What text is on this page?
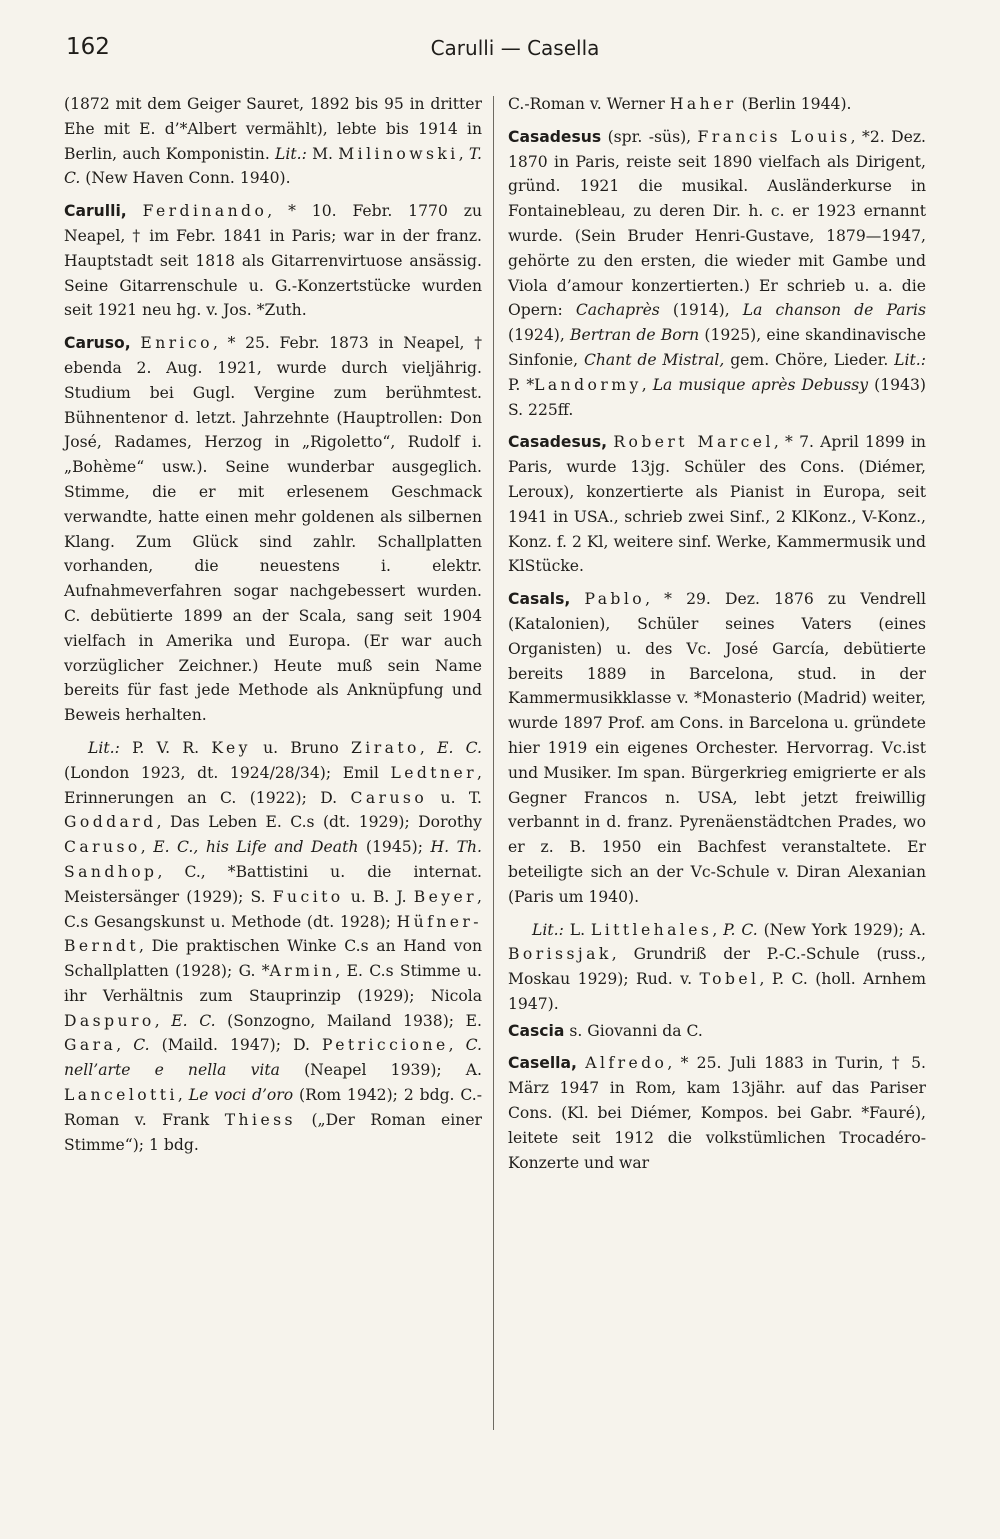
162	Carulli — Casella

(1872 mit dem Geiger Sauret, 1892 bis 95 in dritter Ehe mit E. d’*Albert vermählt), lebte bis 1914 in Berlin, auch Komponistin. Lit.: M. Milinowski, T. C. (New Haven Conn. 1940).

Carulli, Ferdinando, * 10. Febr. 1770 zu Neapel, † im Febr. 1841 in Paris; war in der franz. Hauptstadt seit 1818 als Gitarrenvirtuose ansässig. Seine Gitarrenschule u. G.-Konzertstücke wurden seit 1921 neu hg. v. Jos. *Zuth.

Caruso, Enrico, * 25. Febr. 1873 in Neapel, † ebenda 2. Aug. 1921, wurde durch vieljährig. Studium bei Gugl. Vergine zum berühmtest. Bühnentenor d. letzt. Jahrzehnte (Hauptrollen: Don José, Radames, Herzog in „Rigoletto“, Rudolf i. „Bohème“ usw.). Seine wunderbar ausgeglich. Stimme, die er mit erlesenem Geschmack verwandte, hatte einen mehr goldenen als silbernen Klang. Zum Glück sind zahlr. Schallplatten vorhanden, die neuestens i. elektr. Aufnahmeverfahren sogar nachgebessert wurden. C. debütierte 1899 an der Scala, sang seit 1904 vielfach in Amerika und Europa. (Er war auch vorzüglicher Zeichner.) Heute muß sein Name bereits für fast jede Methode als Anknüpfung und Beweis herhalten.

Lit.: P. V. R. Key u. Bruno Zirato, E. C. (London 1923, dt. 1924/28/34); Emil Ledtner, Erinnerungen an C. (1922); D. Caruso u. T. Goddard, Das Leben E. C.s (dt. 1929); Dorothy Caruso, E. C., his Life and Death (1945); H. Th. Sandhop, C., *Battistini u. die internat. Meistersänger (1929); S. Fucito u. B. J. Beyer, C.s Gesangskunst u. Methode (dt. 1928); Hüfner-Berndt, Die praktischen Winke C.s an Hand von Schallplatten (1928); G. *Armin, E. C.s Stimme u. ihr Verhältnis zum Stauprinzip (1929); Nicola Daspuro, E. C. (Sonzogno, Mailand 1938); E. Gara, C. (Maild. 1947); D. Petriccione, C. nell’arte e nella vita (Neapel 1939); A. Lancelotti, Le voci d’oro (Rom 1942); 2 bdg. C.-Roman v. Frank Thiess („Der Roman einer Stimme“); 1 bdg.

C.-Roman v. Werner Haher (Berlin 1944).

Casadesus (spr. -süs), Francis Louis, *2. Dez. 1870 in Paris, reiste seit 1890 vielfach als Dirigent, gründ. 1921 die musikal. Ausländerkurse in Fontainebleau, zu deren Dir. h. c. er 1923 ernannt wurde. (Sein Bruder Henri-Gustave, 1879—1947, gehörte zu den ersten, die wieder mit Gambe und Viola d’amour konzertierten.) Er schrieb u. a. die Opern: Cachaprès (1914), La chanson de Paris (1924), Bertran de Born (1925), eine skandinavische Sinfonie, Chant de Mistral, gem. Chöre, Lieder. Lit.: P. *Landormy, La musique après Debussy (1943) S. 225ff.

Casadesus, Robert Marcel, * 7. April 1899 in Paris, wurde 13jg. Schüler des Cons. (Diémer, Leroux), konzertierte als Pianist in Europa, seit 1941 in USA., schrieb zwei Sinf., 2 KlKonz., V-Konz., Konz. f. 2 Kl, weitere sinf. Werke, Kammermusik und KlStücke.

Casals, Pablo, * 29. Dez. 1876 zu Vendrell (Katalonien), Schüler seines Vaters (eines Organisten) u. des Vc. José García, debütierte bereits 1889 in Barcelona, stud. in der Kammermusikklasse v. *Monasterio (Madrid) weiter, wurde 1897 Prof. am Cons. in Barcelona u. gründete hier 1919 ein eigenes Orchester. Hervorrag. Vc.ist und Musiker. Im span. Bürgerkrieg emigrierte er als Gegner Francos n. USA, lebt jetzt freiwillig verbannt in d. franz. Pyrenäenstädtchen Prades, wo er z. B. 1950 ein Bachfest veranstaltete. Er beteiligte sich an der Vc-Schule v. Diran Alexanian (Paris um 1940).

Lit.: L. Littlehales, P. C. (New York 1929); A. Borissjak, Grundriß der P.-C.-Schule (russ., Moskau 1929); Rud. v. Tobel, P. C. (holl. Arnhem 1947).

Cascia s. Giovanni da C.

Casella, Alfredo, * 25. Juli 1883 in Turin, † 5. März 1947 in Rom, kam 13jähr. auf das Pariser Cons. (Kl. bei Diémer, Kompos. bei Gabr. *Fauré), leitete seit 1912 die volkstümlichen Trocadéro-Konzerte und war
